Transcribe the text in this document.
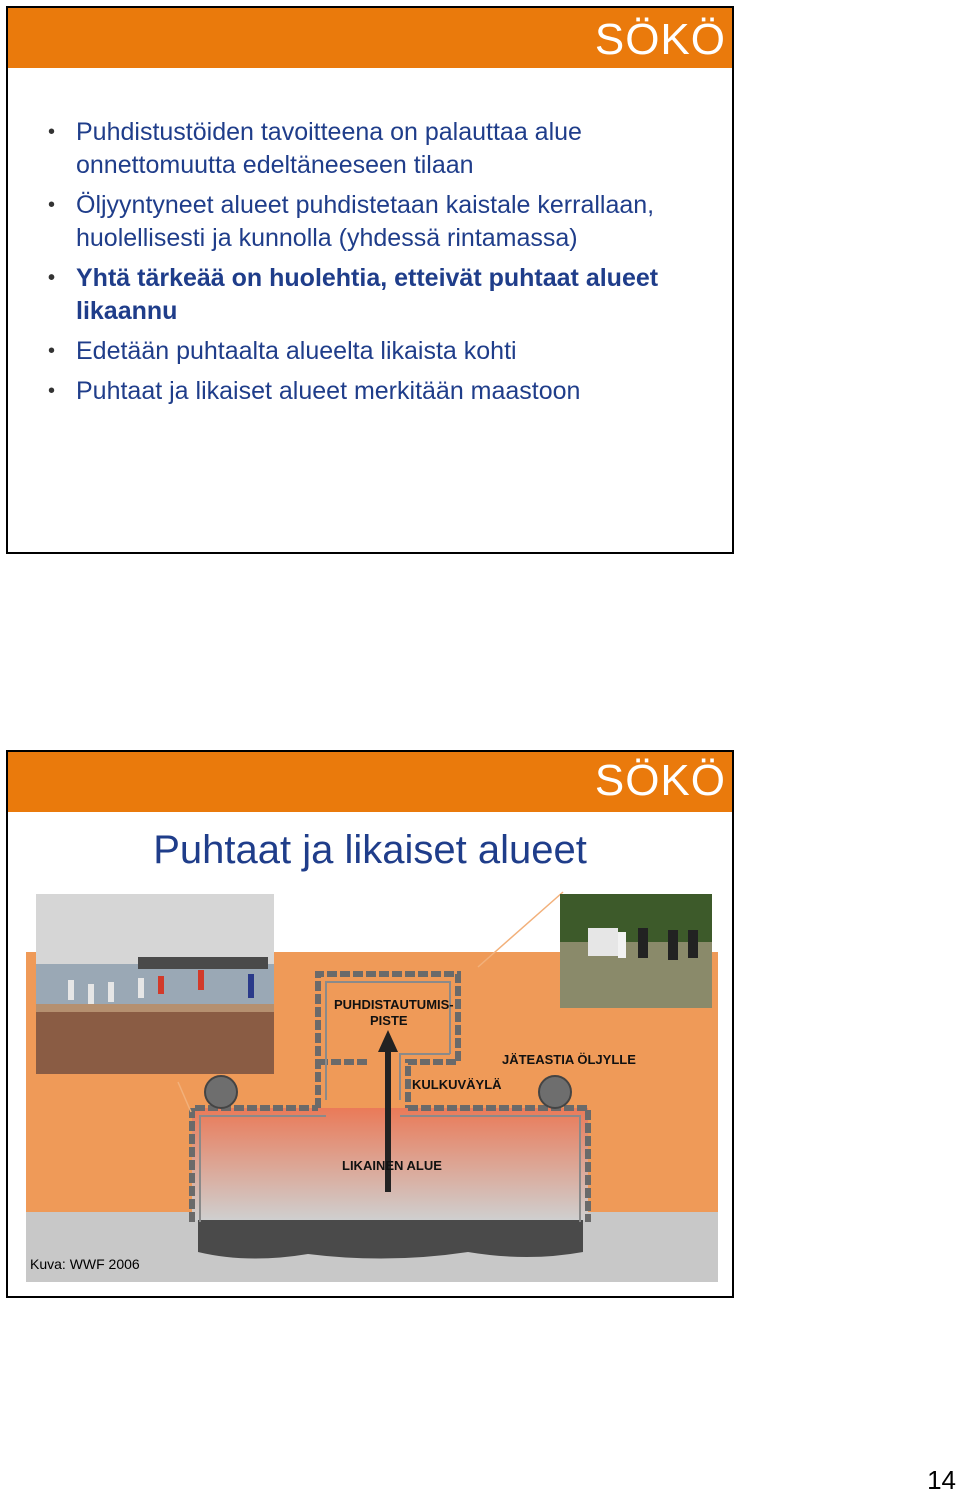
SÖKÖ
• Puhdistustöiden tavoitteena on palauttaa alue onnettomuutta edeltäneeseen tilaan
• Öljyyntyneet alueet puhdistetaan kaistale kerrallaan, huolellisesti ja kunnolla (yhdessä rintamassa)
• Yhtä tärkeää on huolehtia, etteivät puhtaat alueet likaannu
• Edetään puhtaalta alueelta likaista kohti
• Puhtaat ja likaiset alueet merkitään maastoon
SÖKÖ
Puhtaat ja likaiset alueet
PUHDISTAUTUMIS-
PISTE
KULKUVÄYLÄ
JÄTEASTIA ÖLJYLLE
LIKAINEN ALUE
Kuva: WWF 2006
14
